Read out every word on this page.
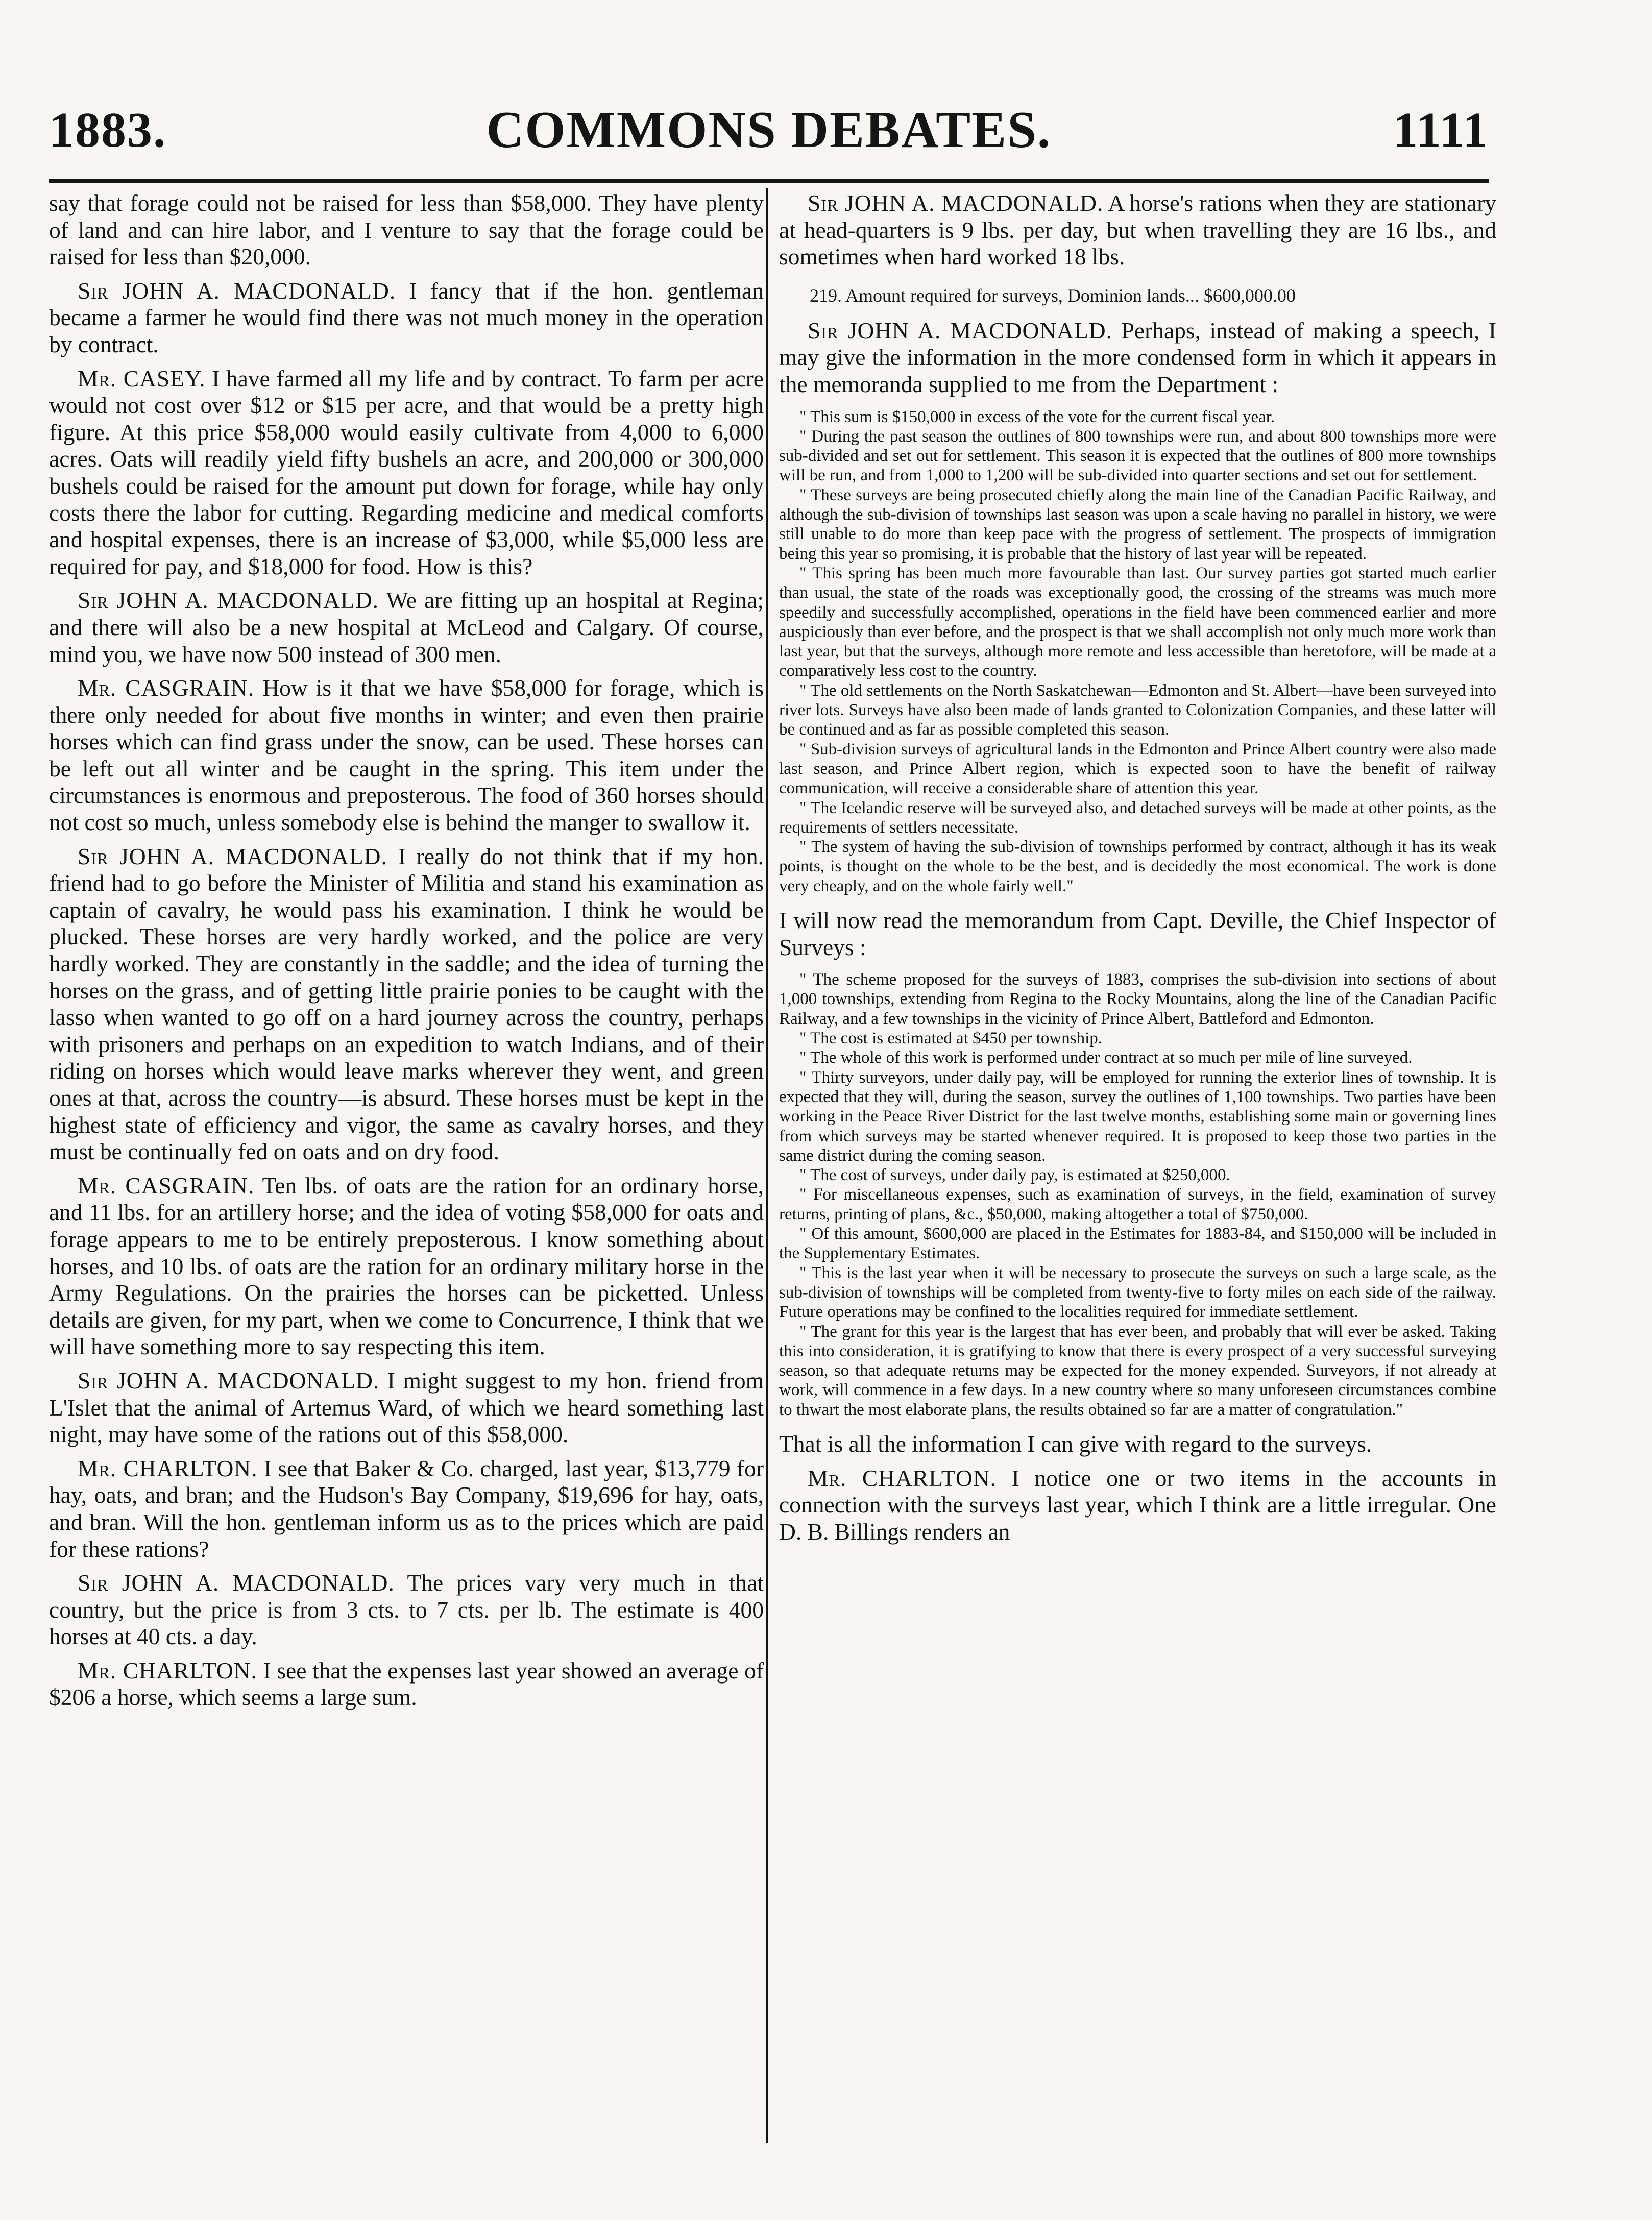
1883.	COMMONS DEBATES.	1111

say that forage could not be raised for less than $58,000. They have plenty of land and can hire labor, and I venture to say that the forage could be raised for less than $20,000.

Sir JOHN A. MACDONALD. I fancy that if the hon. gentleman became a farmer he would find there was not much money in the operation by contract.

Mr. CASEY. I have farmed all my life and by contract. To farm per acre would not cost over $12 or $15 per acre, and that would be a pretty high figure. At this price $58,000 would easily cultivate from 4,000 to 6,000 acres. Oats will readily yield fifty bushels an acre, and 200,000 or 300,000 bushels could be raised for the amount put down for forage, while hay only costs there the labor for cutting. Regarding medicine and medical comforts and hospital expenses, there is an increase of $3,000, while $5,000 less are required for pay, and $18,000 for food. How is this?

Sir JOHN A. MACDONALD. We are fitting up an hospital at Regina; and there will also be a new hospital at McLeod and Calgary. Of course, mind you, we have now 500 instead of 300 men.

Mr. CASGRAIN. How is it that we have $58,000 for forage, which is there only needed for about five months in winter; and even then prairie horses which can find grass under the snow, can be used. These horses can be left out all winter and be caught in the spring. This item under the circumstances is enormous and preposterous. The food of 360 horses should not cost so much, unless somebody else is behind the manger to swallow it.

Sir JOHN A. MACDONALD. I really do not think that if my hon. friend had to go before the Minister of Militia and stand his examination as captain of cavalry, he would pass his examination. I think he would be plucked. These horses are very hardly worked, and the police are very hardly worked. They are constantly in the saddle; and the idea of turning the horses on the grass, and of getting little prairie ponies to be caught with the lasso when wanted to go off on a hard journey across the country, perhaps with prisoners and perhaps on an expedition to watch Indians, and of their riding on horses which would leave marks wherever they went, and green ones at that, across the country—is absurd. These horses must be kept in the highest state of efficiency and vigor, the same as cavalry horses, and they must be continually fed on oats and on dry food.

Mr. CASGRAIN. Ten lbs. of oats are the ration for an ordinary horse, and 11 lbs. for an artillery horse; and the idea of voting $58,000 for oats and forage appears to me to be entirely preposterous. I know something about horses, and 10 lbs. of oats are the ration for an ordinary military horse in the Army Regulations. On the prairies the horses can be picketted. Unless details are given, for my part, when we come to Concurrence, I think that we will have something more to say respecting this item.

Sir JOHN A. MACDONALD. I might suggest to my hon. friend from L'Islet that the animal of Artemus Ward, of which we heard something last night, may have some of the rations out of this $58,000.

Mr. CHARLTON. I see that Baker & Co. charged, last year, $13,779 for hay, oats, and bran; and the Hudson's Bay Company, $19,696 for hay, oats, and bran. Will the hon. gentleman inform us as to the prices which are paid for these rations?

Sir JOHN A. MACDONALD. The prices vary very much in that country, but the price is from 3 cts. to 7 cts. per lb. The estimate is 400 horses at 40 cts. a day.

Mr. CHARLTON. I see that the expenses last year showed an average of $206 a horse, which seems a large sum.

Sir JOHN A. MACDONALD. A horse's rations when they are stationary at head-quarters is 9 lbs. per day, but when travelling they are 16 lbs., and sometimes when hard worked 18 lbs.

219. Amount required for surveys, Dominion lands... $600,000.00

Sir JOHN A. MACDONALD. Perhaps, instead of making a speech, I may give the information in the more condensed form in which it appears in the memoranda supplied to me from the Department :

" This sum is $150,000 in excess of the vote for the current fiscal year.

" During the past season the outlines of 800 townships were run, and about 800 townships more were sub-divided and set out for settlement. This season it is expected that the outlines of 800 more townships will be run, and from 1,000 to 1,200 will be sub-divided into quarter sections and set out for settlement.

" These surveys are being prosecuted chiefly along the main line of the Canadian Pacific Railway, and although the sub-division of townships last season was upon a scale having no parallel in history, we were still unable to do more than keep pace with the progress of settlement. The prospects of immigration being this year so promising, it is probable that the history of last year will be repeated.

" This spring has been much more favourable than last. Our survey parties got started much earlier than usual, the state of the roads was exceptionally good, the crossing of the streams was much more speedily and successfully accomplished, operations in the field have been commenced earlier and more auspiciously than ever before, and the prospect is that we shall accomplish not only much more work than last year, but that the surveys, although more remote and less accessible than heretofore, will be made at a comparatively less cost to the country.

" The old settlements on the North Saskatchewan—Edmonton and St. Albert—have been surveyed into river lots. Surveys have also been made of lands granted to Colonization Companies, and these latter will be continued and as far as possible completed this season.

" Sub-division surveys of agricultural lands in the Edmonton and Prince Albert country were also made last season, and Prince Albert region, which is expected soon to have the benefit of railway communication, will receive a considerable share of attention this year.

" The Icelandic reserve will be surveyed also, and detached surveys will be made at other points, as the requirements of settlers necessitate.

" The system of having the sub-division of townships performed by contract, although it has its weak points, is thought on the whole to be the best, and is decidedly the most economical. The work is done very cheaply, and on the whole fairly well."

I will now read the memorandum from Capt. Deville, the Chief Inspector of Surveys :

" The scheme proposed for the surveys of 1883, comprises the sub-division into sections of about 1,000 townships, extending from Regina to the Rocky Mountains, along the line of the Canadian Pacific Railway, and a few townships in the vicinity of Prince Albert, Battleford and Edmonton.

" The cost is estimated at $450 per township.

" The whole of this work is performed under contract at so much per mile of line surveyed.

" Thirty surveyors, under daily pay, will be employed for running the exterior lines of township. It is expected that they will, during the season, survey the outlines of 1,100 townships. Two parties have been working in the Peace River District for the last twelve months, establishing some main or governing lines from which surveys may be started whenever required. It is proposed to keep those two parties in the same district during the coming season.

" The cost of surveys, under daily pay, is estimated at $250,000.

" For miscellaneous expenses, such as examination of surveys, in the field, examination of survey returns, printing of plans, &c., $50,000, making altogether a total of $750,000.

" Of this amount, $600,000 are placed in the Estimates for 1883-84, and $150,000 will be included in the Supplementary Estimates.

" This is the last year when it will be necessary to prosecute the surveys on such a large scale, as the sub-division of townships will be completed from twenty-five to forty miles on each side of the railway. Future operations may be confined to the localities required for immediate settlement.

" The grant for this year is the largest that has ever been, and probably that will ever be asked. Taking this into consideration, it is gratifying to know that there is every prospect of a very successful surveying season, so that adequate returns may be expected for the money expended. Surveyors, if not already at work, will commence in a few days. In a new country where so many unforeseen circumstances combine to thwart the most elaborate plans, the results obtained so far are a matter of congratulation."

That is all the information I can give with regard to the surveys.

Mr. CHARLTON. I notice one or two items in the accounts in connection with the surveys last year, which I think are a little irregular. One D. B. Billings renders an
